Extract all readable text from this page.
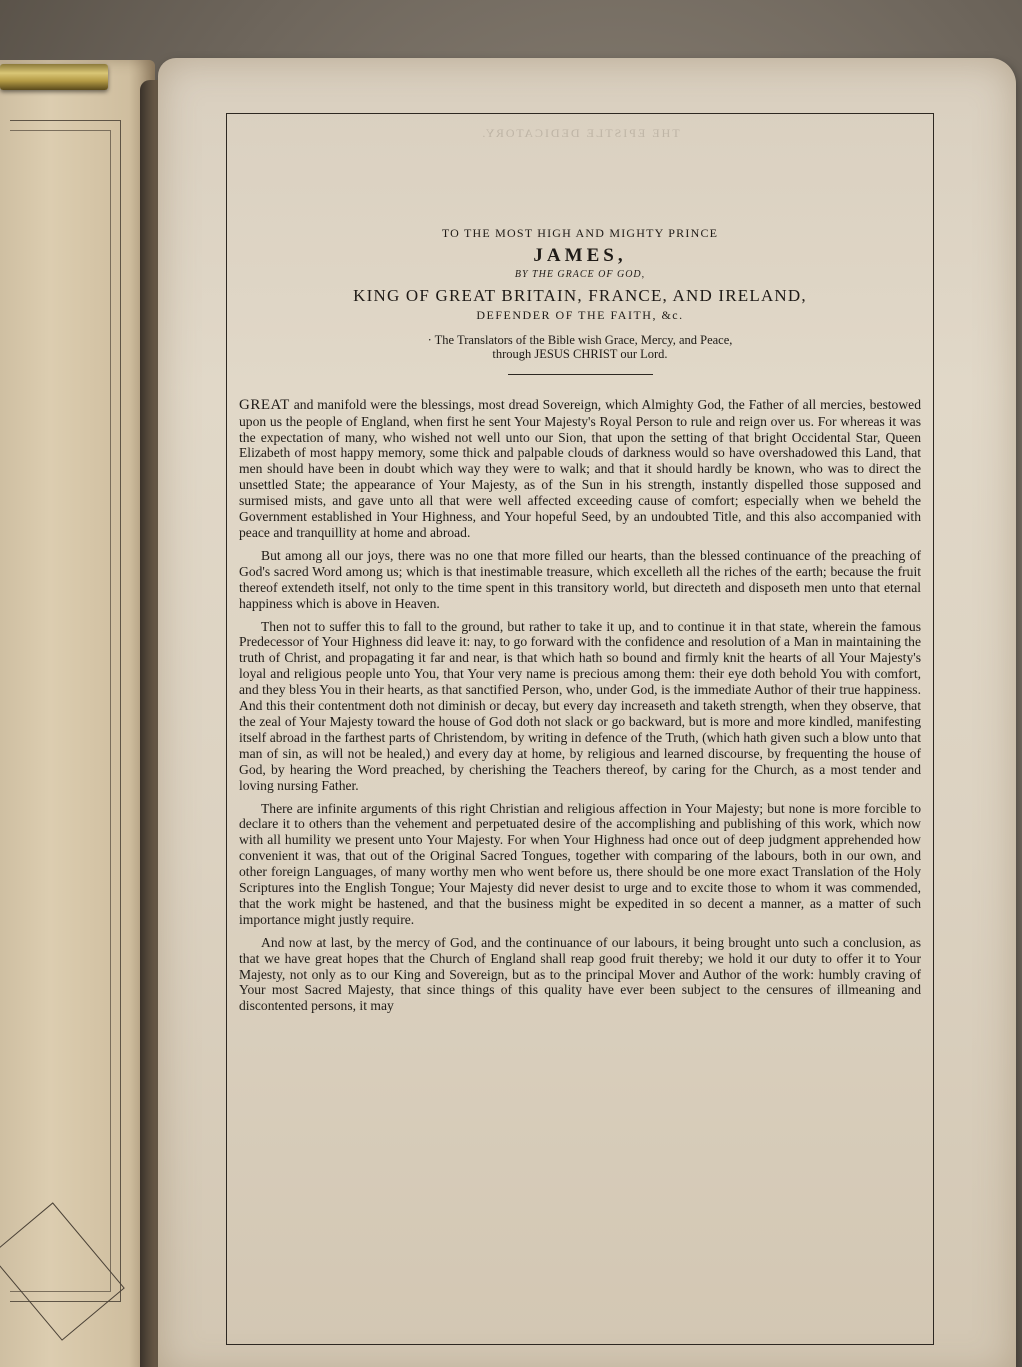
THE EPISTLE DEDICATORY.

TO THE MOST HIGH AND MIGHTY PRINCE

JAMES,

BY THE GRACE OF GOD,

KING OF GREAT BRITAIN, FRANCE, AND IRELAND,

DEFENDER OF THE FAITH, &c.

· The Translators of the Bible wish Grace, Mercy, and Peace,
through JESUS CHRIST our Lord.

GREAT and manifold were the blessings, most dread Sovereign, which Almighty God, the Father of all mercies, bestowed upon us the people of England, when first he sent Your Majesty's Royal Person to rule and reign over us. For whereas it was the expectation of many, who wished not well unto our Sion, that upon the setting of that bright Occidental Star, Queen Elizabeth of most happy memory, some thick and palpable clouds of darkness would so have overshadowed this Land, that men should have been in doubt which way they were to walk; and that it should hardly be known, who was to direct the unsettled State; the appearance of Your Majesty, as of the Sun in his strength, instantly dispelled those supposed and surmised mists, and gave unto all that were well affected exceeding cause of comfort; especially when we beheld the Government established in Your Highness, and Your hopeful Seed, by an undoubted Title, and this also accompanied with peace and tranquillity at home and abroad.

But among all our joys, there was no one that more filled our hearts, than the blessed continuance of the preaching of God's sacred Word among us; which is that inestimable treasure, which excelleth all the riches of the earth; because the fruit thereof extendeth itself, not only to the time spent in this transitory world, but directeth and disposeth men unto that eternal happiness which is above in Heaven.

Then not to suffer this to fall to the ground, but rather to take it up, and to continue it in that state, wherein the famous Predecessor of Your Highness did leave it: nay, to go forward with the confidence and resolution of a Man in maintaining the truth of Christ, and propagating it far and near, is that which hath so bound and firmly knit the hearts of all Your Majesty's loyal and religious people unto You, that Your very name is precious among them: their eye doth behold You with comfort, and they bless You in their hearts, as that sanctified Person, who, under God, is the immediate Author of their true happiness. And this their contentment doth not diminish or decay, but every day increaseth and taketh strength, when they observe, that the zeal of Your Majesty toward the house of God doth not slack or go backward, but is more and more kindled, manifesting itself abroad in the farthest parts of Christendom, by writing in defence of the Truth, (which hath given such a blow unto that man of sin, as will not be healed,) and every day at home, by religious and learned discourse, by frequenting the house of God, by hearing the Word preached, by cherishing the Teachers thereof, by caring for the Church, as a most tender and loving nursing Father.

There are infinite arguments of this right Christian and religious affection in Your Majesty; but none is more forcible to declare it to others than the vehement and perpetuated desire of the accomplishing and publishing of this work, which now with all humility we present unto Your Majesty. For when Your Highness had once out of deep judgment apprehended how convenient it was, that out of the Original Sacred Tongues, together with comparing of the labours, both in our own, and other foreign Languages, of many worthy men who went before us, there should be one more exact Translation of the Holy Scriptures into the English Tongue; Your Majesty did never desist to urge and to excite those to whom it was commended, that the work might be hastened, and that the business might be expedited in so decent a manner, as a matter of such importance might justly require.

And now at last, by the mercy of God, and the continuance of our labours, it being brought unto such a conclusion, as that we have great hopes that the Church of England shall reap good fruit thereby; we hold it our duty to offer it to Your Majesty, not only as to our King and Sovereign, but as to the principal Mover and Author of the work: humbly craving of Your most Sacred Majesty, that since things of this quality have ever been subject to the censures of illmeaning and discontented persons, it may
